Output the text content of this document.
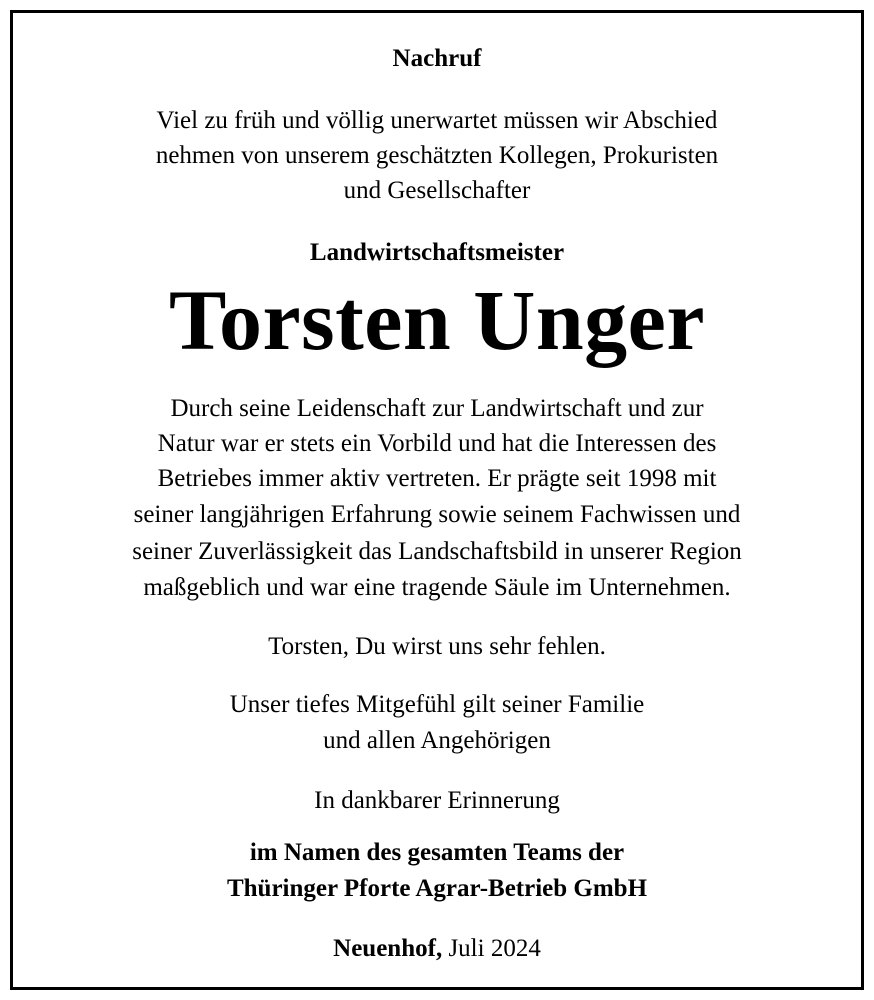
Nachruf
Viel zu früh und völlig unerwartet müssen wir Abschied
nehmen von unserem geschätzten Kollegen, Prokuristen
und Gesellschafter
Landwirtschaftsmeister
Torsten Unger
Durch seine Leidenschaft zur Landwirtschaft und zur
Natur war er stets ein Vorbild und hat die Interessen des
Betriebes immer aktiv vertreten. Er prägte seit 1998 mit
seiner langjährigen Erfahrung sowie seinem Fachwissen und
seiner Zuverlässigkeit das Landschaftsbild in unserer Region
maßgeblich und war eine tragende Säule im Unternehmen.
Torsten, Du wirst uns sehr fehlen.
Unser tiefes Mitgefühl gilt seiner Familie
und allen Angehörigen
In dankbarer Erinnerung
im Namen des gesamten Teams der
Thüringer Pforte Agrar-Betrieb GmbH
Neuenhof, Juli 2024
